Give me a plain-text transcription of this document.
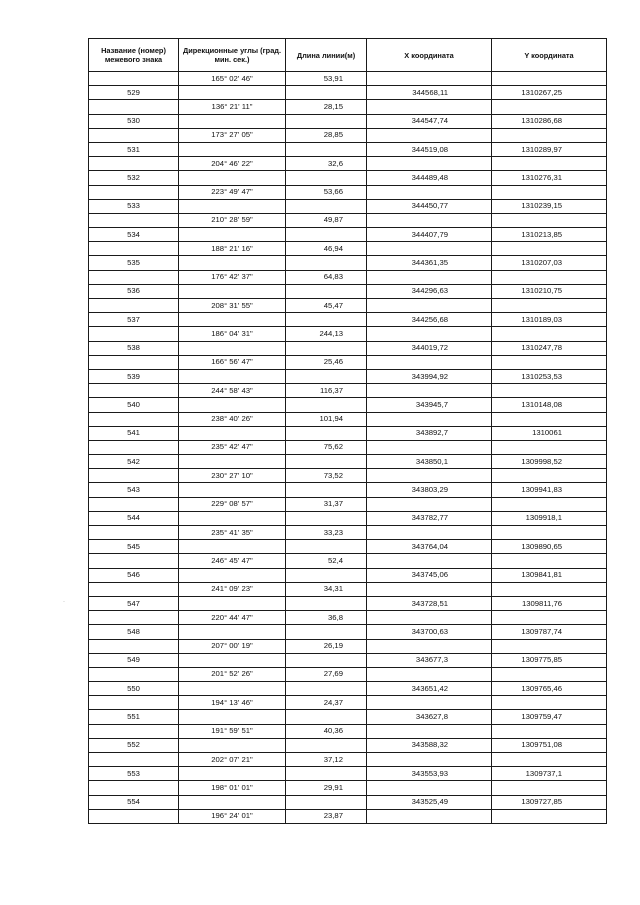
Название (номер) межевого знака	Дирекционные углы (град. мин. сек.)	Длина линии(м)	X координата	Y координата
	165° 02' 46"	53,91		
529			344568,11	1310267,25
	136° 21' 11"	28,15		
530			344547,74	1310286,68
	173° 27' 05"	28,85		
531			344519,08	1310289,97
	204° 46' 22"	32,6		
532			344489,48	1310276,31
	223° 49' 47"	53,66		
533			344450,77	1310239,15
	210° 28' 59"	49,87		
534			344407,79	1310213,85
	188° 21' 16"	46,94		
535			344361,35	1310207,03
	176° 42' 37"	64,83		
536			344296,63	1310210,75
	208° 31' 55"	45,47		
537			344256,68	1310189,03
	186° 04' 31"	244,13		
538			344019,72	1310247,78
	166° 56' 47"	25,46		
539			343994,92	1310253,53
	244° 58' 43"	116,37		
540			343945,7	1310148,08
	238° 40' 26"	101,94		
541			343892,7	1310061
	235° 42' 47"	75,62		
542			343850,1	1309998,52
	230° 27' 10"	73,52		
543			343803,29	1309941,83
	229° 08' 57"	31,37		
544			343782,77	1309918,1
	235° 41' 35"	33,23		
545			343764,04	1309890,65
	246° 45' 47"	52,4		
546			343745,06	1309841,81
	241° 09' 23"	34,31		
547			343728,51	1309811,76
	220° 44' 47"	36,8		
548			343700,63	1309787,74
	207° 00' 19"	26,19		
549			343677,3	1309775,85
	201° 52' 26"	27,69		
550			343651,42	1309765,46
	194° 13' 46"	24,37		
551			343627,8	1309759,47
	191° 59' 51"	40,36		
552			343588,32	1309751,08
	202° 07' 21"	37,12		
553			343553,93	1309737,1
	198° 01' 01"	29,91		
554			343525,49	1309727,85
	196° 24' 01"	23,87		
·
